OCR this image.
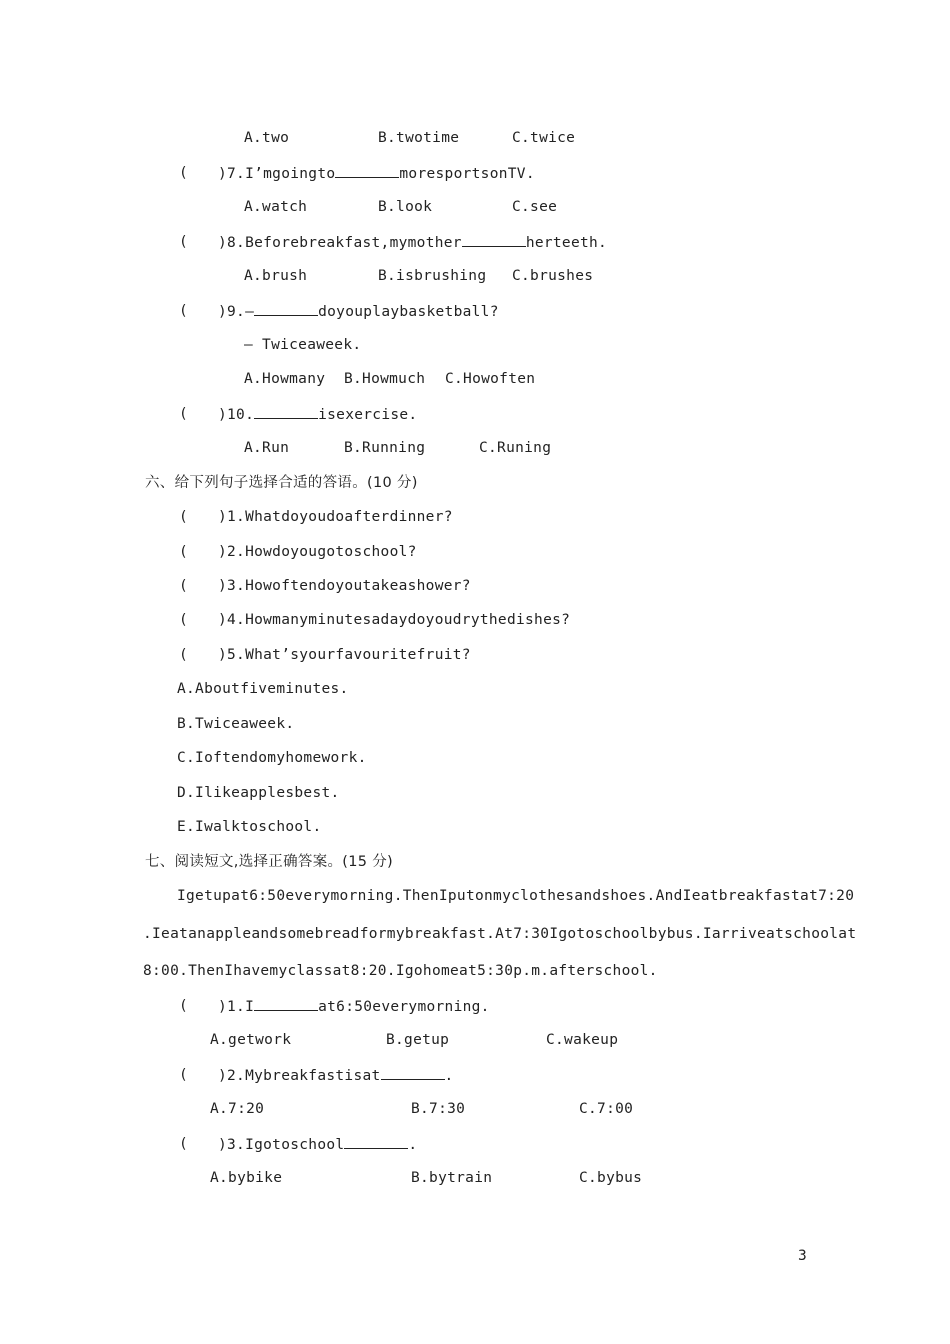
A.two	B.twotime	C.twice
( )7.I’mgoingto	moresportsonTV.
A.watch	B.look	C.see
( )8.Beforebreakfast,mymother	herteeth.
A.brush	B.isbrushing C.brushes
( )9.—	doyouplaybasketball?
— Twiceaweek.
A.Howmany B.Howmuch C.Howoften
( )10.	isexercise.
A.Run	B.Running	C.Runing
六、给下列句子选择合适的答语。(10 分)
( )1.Whatdoyoudoafterdinner?
( )2.Howdoyougotoschool?
( )3.Howoftendoyoutakeashower?
( )4.Howmanyminutesadaydoyoudrythedishes?
( )5.What’syourfavouritefruit?
A.Aboutfiveminutes.
B.Twiceaweek.
C.Ioftendomyhomework.
D.Ilikeapplesbest.
E.Iwalktoschool.
七、阅读短文,选择正确答案。(15 分)
Igetupat6:50everymorning.ThenIputonmyclothesandshoes.AndIeatbreakfastat7:20
.Ieatanappleandsomebreadformybreakfast.At7:30Igotoschoolbybus.Iarriveatschoolat
8:00.ThenIhavemyclassat8:20.Igohomeat5:30p.m.afterschool.
( )1.I	at6:50everymorning.
A.getwork	B.getup	C.wakeup
( )2.Mybreakfastisat	.
A.7:20	B.7:30	C.7:00
( )3.Igotoschool	.
A.bybike	B.bytrain	C.bybus
3
